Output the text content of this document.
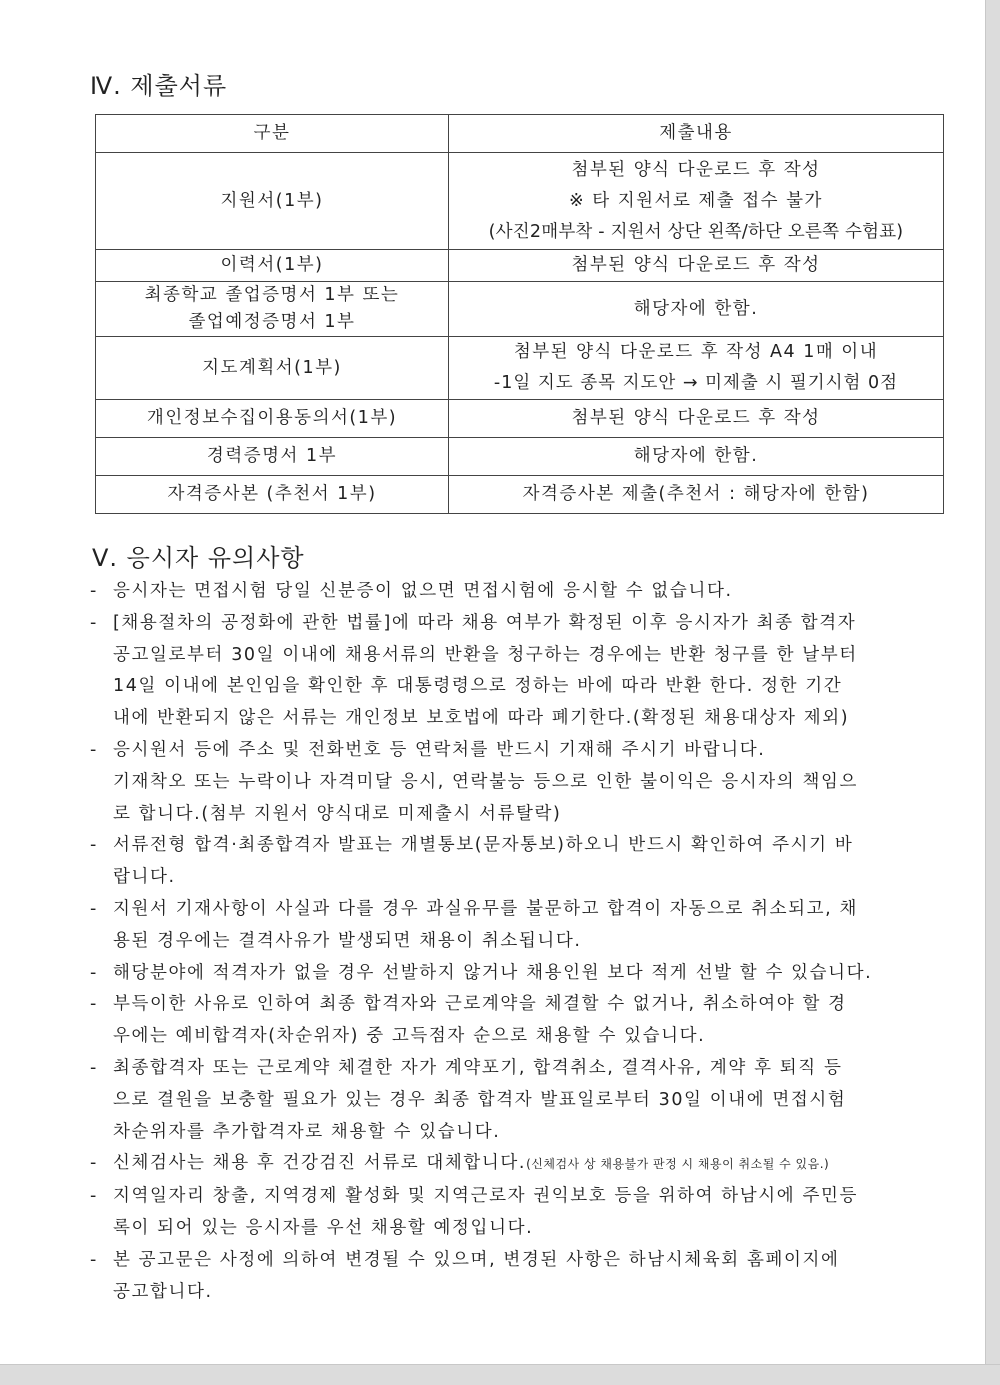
Ⅳ. 제출서류
구분	제출내용

지원서(1부)	첨부된 양식 다운로드 후 작성
※ 타 지원서로 제출 접수 불가
(사진2매부착 - 지원서 상단 왼쪽/하단 오른쪽 수험표)

이력서(1부)	첨부된 양식 다운로드 후 작성

최종학교 졸업증명서 1부 또는
졸업예정증명서 1부	해당자에 한함.

지도계획서(1부)	첨부된 양식 다운로드 후 작성 A4 1매 이내
-1일 지도 종목 지도안 → 미제출 시 필기시험 0점

개인정보수집이용동의서(1부)	첨부된 양식 다운로드 후 작성

경력증명서 1부	해당자에 한함.

자격증사본 (추천서 1부)	자격증사본 제출(추천서 : 해당자에 한함)
Ⅴ. 응시자 유의사항
- 응시자는 면접시험 당일 신분증이 없으면 면접시험에 응시할 수 없습니다.
- [채용절차의 공정화에 관한 법률]에 따라 채용 여부가 확정된 이후 응시자가 최종 합격자
공고일로부터 30일 이내에 채용서류의 반환을 청구하는 경우에는 반환 청구를 한 날부터
14일 이내에 본인임을 확인한 후 대통령령으로 정하는 바에 따라 반환 한다. 정한 기간
내에 반환되지 않은 서류는 개인정보 보호법에 따라 폐기한다.(확정된 채용대상자 제외)
- 응시원서 등에 주소 및 전화번호 등 연락처를 반드시 기재해 주시기 바랍니다.
기재착오 또는 누락이나 자격미달 응시, 연락불능 등으로 인한 불이익은 응시자의 책임으
로 합니다.(첨부 지원서 양식대로 미제출시 서류탈락)
- 서류전형 합격·최종합격자 발표는 개별통보(문자통보)하오니 반드시 확인하여 주시기 바
랍니다.
- 지원서 기재사항이 사실과 다를 경우 과실유무를 불문하고 합격이 자동으로 취소되고, 채
용된 경우에는 결격사유가 발생되면 채용이 취소됩니다.
- 해당분야에 적격자가 없을 경우 선발하지 않거나 채용인원 보다 적게 선발 할 수 있습니다.
- 부득이한 사유로 인하여 최종 합격자와 근로계약을 체결할 수 없거나, 취소하여야 할 경
우에는 예비합격자(차순위자) 중 고득점자 순으로 채용할 수 있습니다.
- 최종합격자 또는 근로계약 체결한 자가 계약포기, 합격취소, 결격사유, 계약 후 퇴직 등
으로 결원을 보충할 필요가 있는 경우 최종 합격자 발표일로부터 30일 이내에 면접시험
차순위자를 추가합격자로 채용할 수 있습니다.
- 신체검사는 채용 후 건강검진 서류로 대체합니다.(신체검사 상 채용불가 판정 시 채용이 취소될 수 있음.)
- 지역일자리 창출, 지역경제 활성화 및 지역근로자 권익보호 등을 위하여 하남시에 주민등
록이 되어 있는 응시자를 우선 채용할 예정입니다.
- 본 공고문은 사정에 의하여 변경될 수 있으며, 변경된 사항은 하남시체육회 홈페이지에
공고합니다.
